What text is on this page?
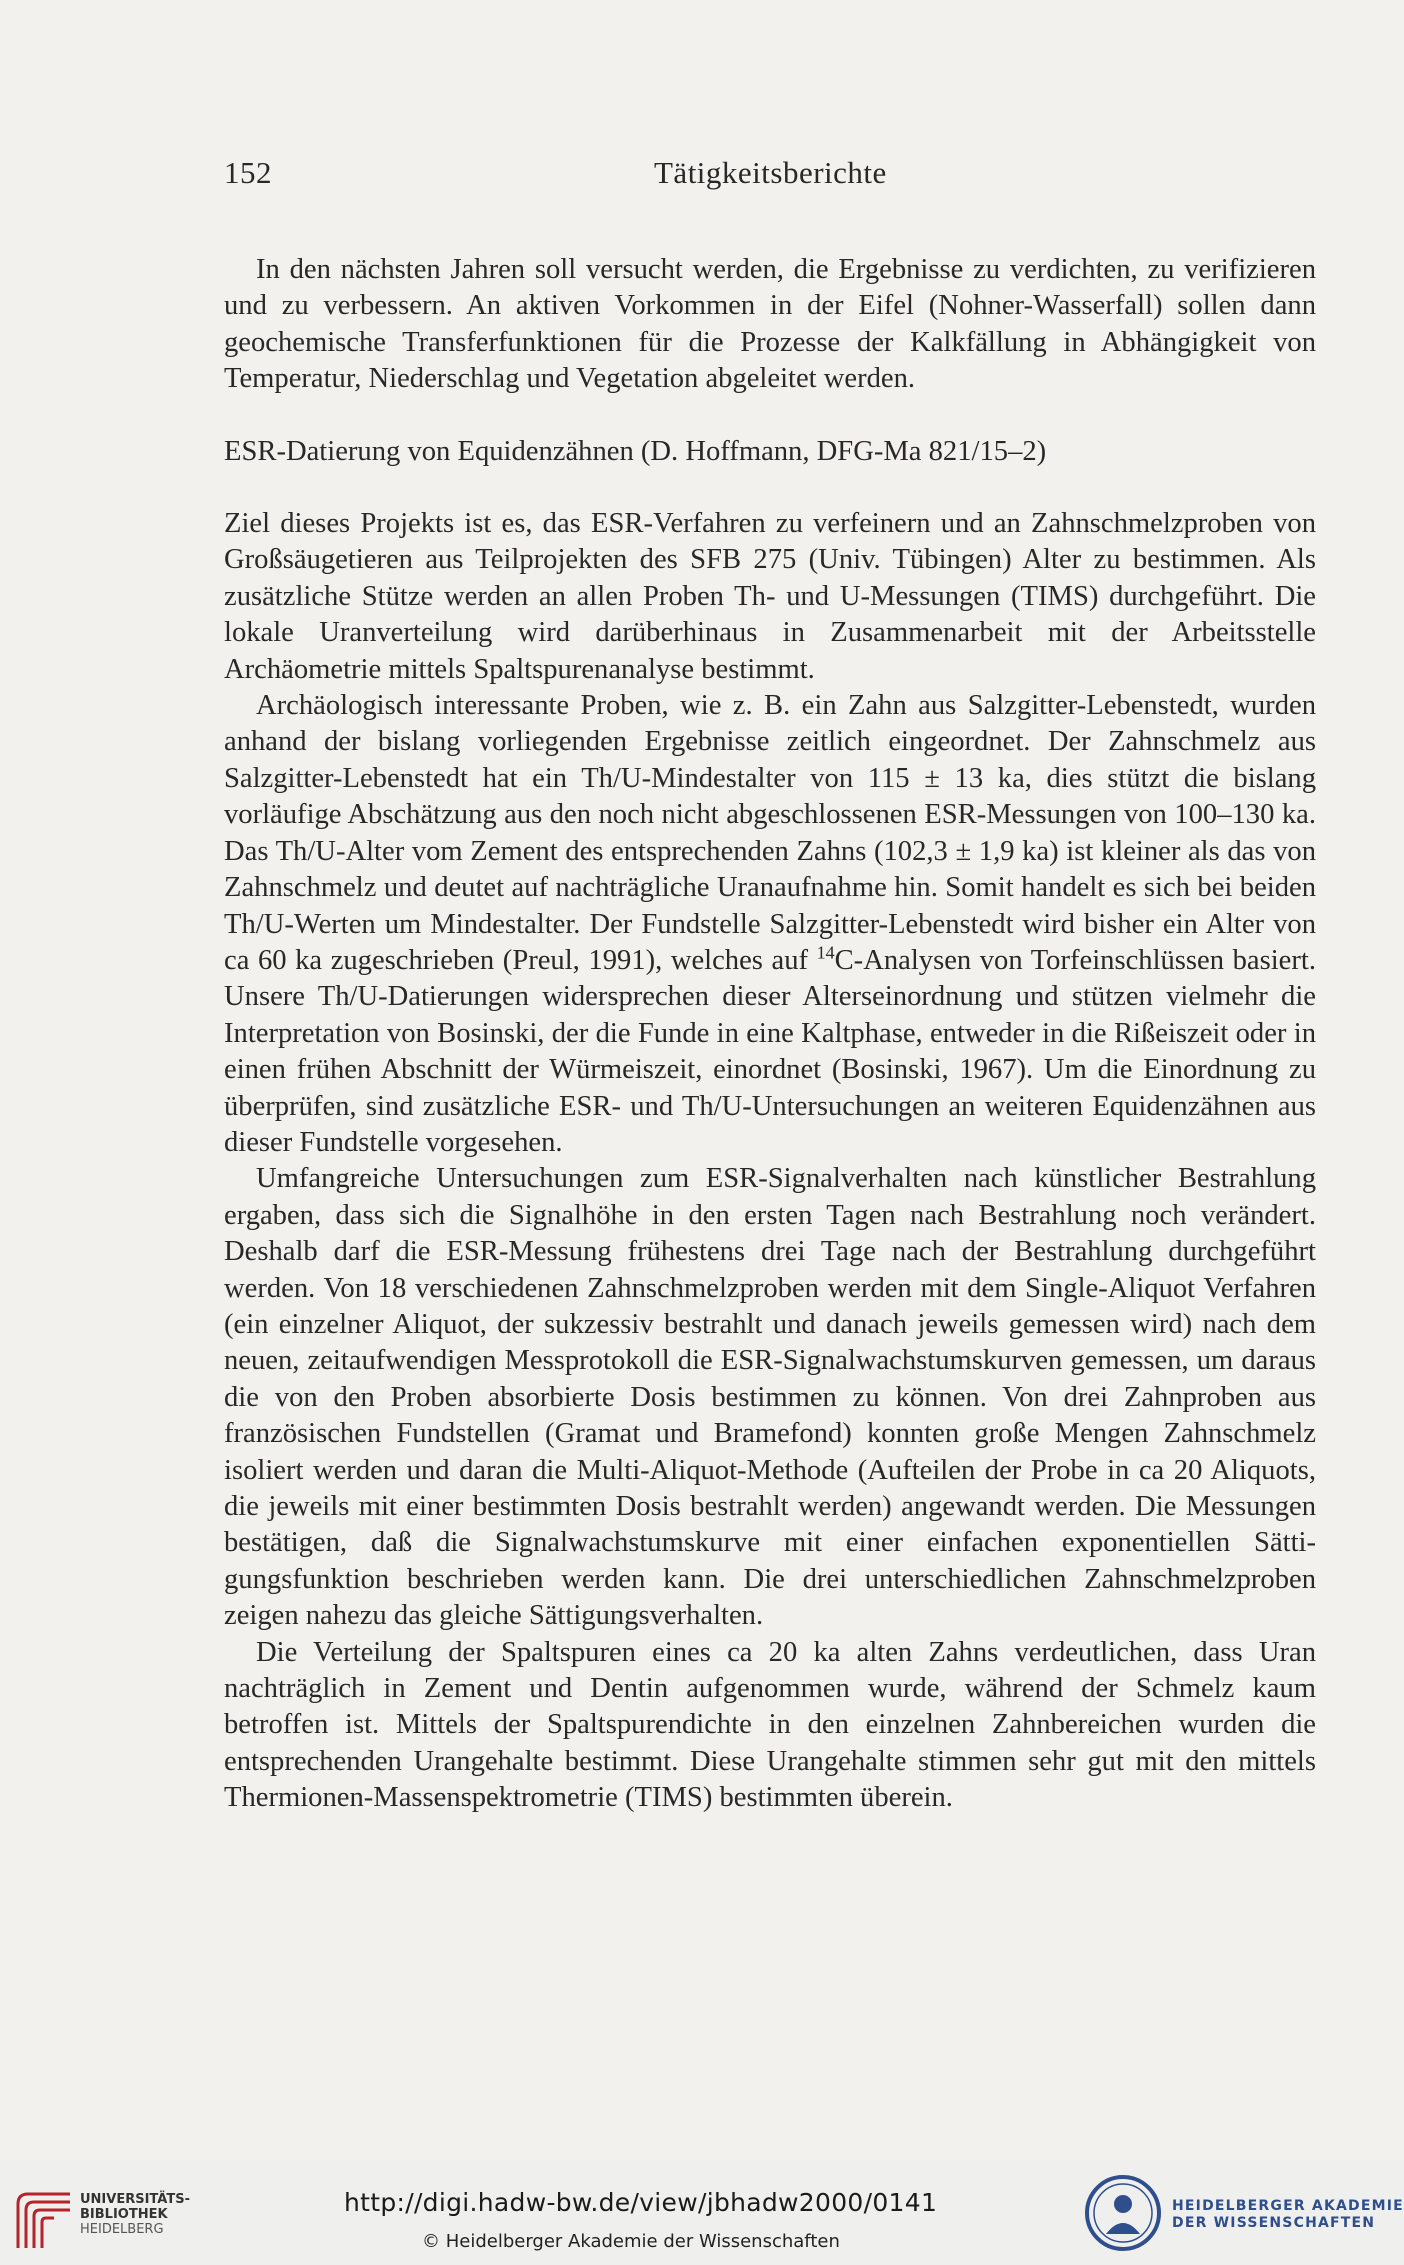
152	Tätigkeitsberichte

In den nächsten Jahren soll versucht werden, die Ergebnisse zu verdichten, zu verifizieren und zu verbessern. An aktiven Vorkommen in der Eifel (Nohner-Wasserfall) sollen dann geochemische Transferfunktionen für die Prozesse der Kalkfällung in Abhängigkeit von Temperatur, Niederschlag und Vegetation abgeleitet werden.

ESR-Datierung von Equidenzähnen (D. Hoffmann, DFG-Ma 821/15–2)

Ziel dieses Projekts ist es, das ESR-Verfahren zu verfeinern und an Zahnschmelzproben von Großsäugetieren aus Teilprojekten des SFB 275 (Univ. Tübingen) Alter zu bestimmen. Als zusätzliche Stütze werden an allen Proben Th- und U-Messungen (TIMS) durchgeführt. Die lokale Uranverteilung wird darüberhinaus in Zusammenarbeit mit der Arbeitsstelle Archäometrie mittels Spaltspurenanalyse bestimmt.

Archäologisch interessante Proben, wie z. B. ein Zahn aus Salzgitter-Lebenstedt, wurden anhand der bislang vorliegenden Ergebnisse zeitlich eingeordnet. Der Zahnschmelz aus Salzgitter-Lebenstedt hat ein Th/U-Mindestalter von 115 ± 13 ka, dies stützt die bislang vorläufige Abschätzung aus den noch nicht abgeschlossenen ESR-Messungen von 100–130 ka. Das Th/U-Alter vom Zement des entsprechenden Zahns (102,3 ± 1,9 ka) ist kleiner als das von Zahnschmelz und deutet auf nachträgliche Uranaufnahme hin. Somit handelt es sich bei beiden Th/U-Werten um Mindestalter. Der Fundstelle Salzgitter-Lebenstedt wird bisher ein Alter von ca 60 ka zugeschrieben (Preul, 1991), welches auf $^{14}$C-Analysen von Torfeinschlüssen basiert. Unsere Th/U-Datierungen widersprechen dieser Alterseinordnung und stützen vielmehr die Interpretation von Bosinski, der die Funde in eine Kaltphase, entweder in die Rißeiszeit oder in einen frühen Abschnitt der Würmeiszeit, einordnet (Bosinski, 1967). Um die Einordnung zu überprüfen, sind zusätzliche ESR- und Th/U-Untersuchungen an weiteren Equidenzähnen aus dieser Fundstelle vorgesehen.

Umfangreiche Untersuchungen zum ESR-Signalverhalten nach künstlicher Bestrahlung ergaben, dass sich die Signalhöhe in den ersten Tagen nach Bestrahlung noch verändert. Deshalb darf die ESR-Messung frühestens drei Tage nach der Bestrahlung durchgeführt werden. Von 18 verschiedenen Zahnschmelzproben werden mit dem Single-Aliquot Verfahren (ein einzelner Aliquot, der sukzessiv bestrahlt und danach jeweils gemessen wird) nach dem neuen, zeitaufwendigen Messprotokoll die ESR-Signalwachstumskurven gemessen, um daraus die von den Proben absorbierte Dosis bestimmen zu können. Von drei Zahnproben aus französischen Fundstellen (Gramat und Bramefond) konnten große Mengen Zahnschmelz isoliert werden und daran die Multi-Aliquot-Methode (Aufteilen der Probe in ca 20 Aliquots, die jeweils mit einer bestimmten Dosis bestrahlt werden) angewandt werden. Die Messungen bestätigen, daß die Signalwachstumskurve mit einer einfachen exponentiellen Sättigungsfunktion beschrieben werden kann. Die drei unterschiedlichen Zahnschmelzproben zeigen nahezu das gleiche Sättigungsverhalten.

Die Verteilung der Spaltspuren eines ca 20 ka alten Zahns verdeutlichen, dass Uran nachträglich in Zement und Dentin aufgenommen wurde, während der Schmelz kaum betroffen ist. Mittels der Spaltspurendichte in den einzelnen Zahnbereichen wurden die entsprechenden Urangehalte bestimmt. Diese Urangehalte stimmen sehr gut mit den mittels Thermionen-Massenspektrometrie (TIMS) bestimmten überein.

UNIVERSITÄTS-
BIBLIOTHEK
HEIDELBERG
http://digi.hadw-bw.de/view/jbhadw2000/0141
© Heidelberger Akademie der Wissenschaften
HEIDELBERGER AKADEMIE
DER WISSENSCHAFTEN
